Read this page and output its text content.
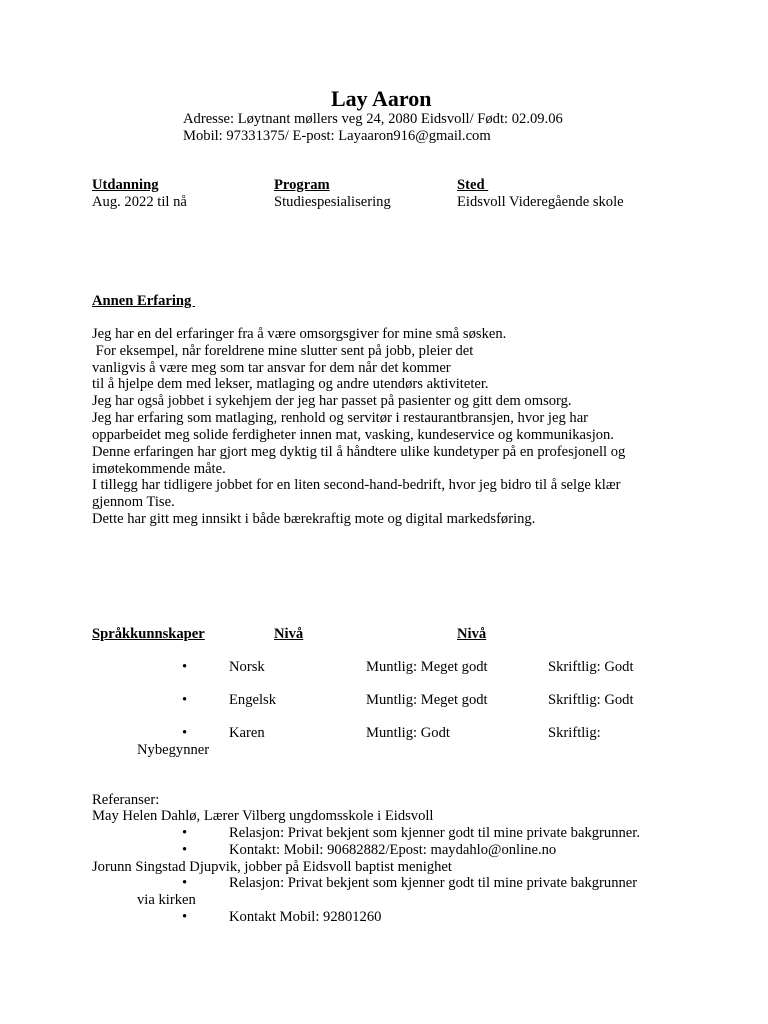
Lay Aaron
Adresse: Løytnant møllers veg 24, 2080 Eidsvoll/ Født: 02.09.06
Mobil: 97331375/ E-post: Layaaron916@gmail.com
Utdanning	Program	Sted
Aug. 2022 til nå	Studiespesialisering	Eidsvoll Videregående skole
Annen Erfaring
Jeg har en del erfaringer fra å være omsorgsgiver for mine små søsken.
For eksempel, når foreldrene mine slutter sent på jobb, pleier det
vanligvis å være meg som tar ansvar for dem når det kommer
til å hjelpe dem med lekser, matlaging og andre utendørs aktiviteter.
Jeg har også jobbet i sykehjem der jeg har passet på pasienter og gitt dem omsorg.
Jeg har erfaring som matlaging, renhold og servitør i restaurantbransjen, hvor jeg har
opparbeidet meg solide ferdigheter innen mat, vasking, kundeservice og kommunikasjon.
Denne erfaringen har gjort meg dyktig til å håndtere ulike kundetyper på en profesjonell og
imøtekommende måte.
I tillegg har tidligere jobbet for en liten second-hand-bedrift, hvor jeg bidro til å selge klær
gjennom Tise.
Dette har gitt meg innsikt i både bærekraftig mote og digital markedsføring.
Språkkunnskaper	Nivå	Nivå
•	Norsk	Muntlig: Meget godt	Skriftlig: Godt
•	Engelsk	Muntlig: Meget godt	Skriftlig: Godt
•	Karen	Muntlig: Godt	Skriftlig:
Nybegynner
Referanser:
May Helen Dahlø, Lærer Vilberg ungdomsskole i Eidsvoll
•	Relasjon: Privat bekjent som kjenner godt til mine private bakgrunner.
•	Kontakt: Mobil: 90682882/Epost: maydahlo@online.no
Jorunn Singstad Djupvik, jobber på Eidsvoll baptist menighet
•	Relasjon: Privat bekjent som kjenner godt til mine private bakgrunner
via kirken
•	Kontakt Mobil: 92801260
